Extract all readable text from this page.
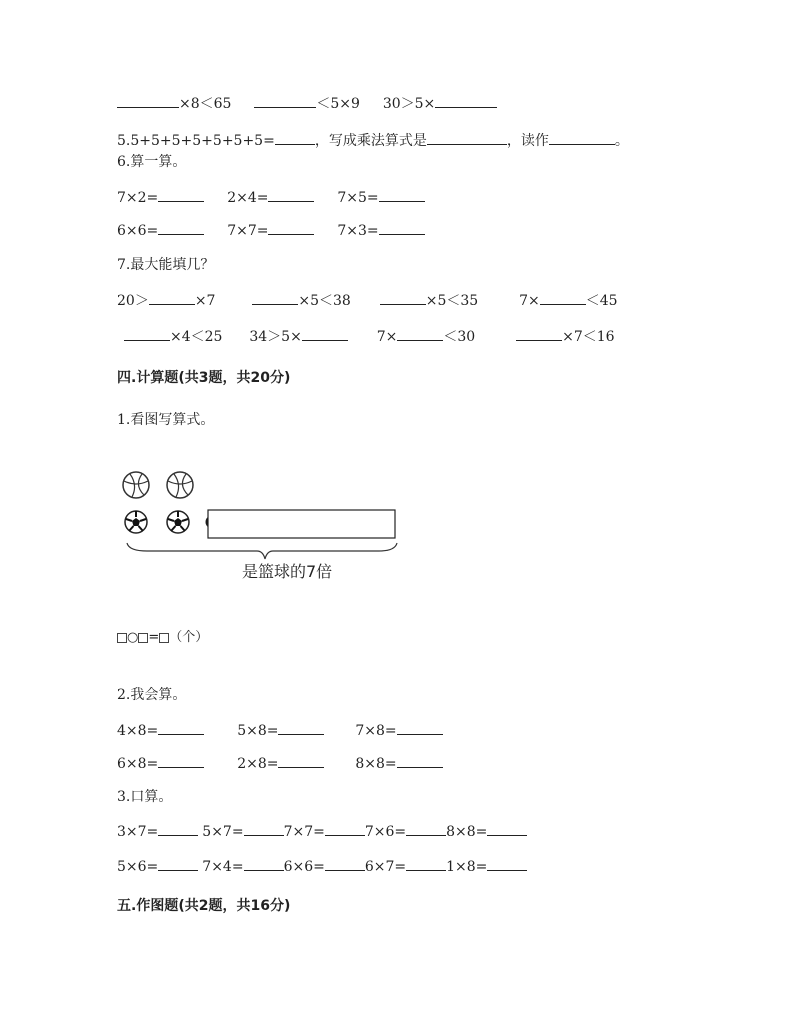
×8＜65	＜5×9 30＞5×
5.5+5+5+5+5+5+5=	，写成乘法算式是	，读作	。
6.算一算。
7×2=	2×4=	7×5=
6×6=	7×7=	7×3=
7.最大能填几？
20＞	×7	×5＜38	×5＜35	7×	＜45
×4＜25 34＞5×	7×	＜30	×7＜16
四.计算题(共3题，共20分)
1.看图写算式。
是篮球的7倍
○ = （个）
2.我会算。
4×8=	5×8=	7×8=
6×8=	2×8=	8×8=
3.口算。
3×7=	5×7=	7×7=	7×6=	8×8=
5×6=	7×4=	6×6=	6×7=	1×8=
五.作图题(共2题，共16分)
